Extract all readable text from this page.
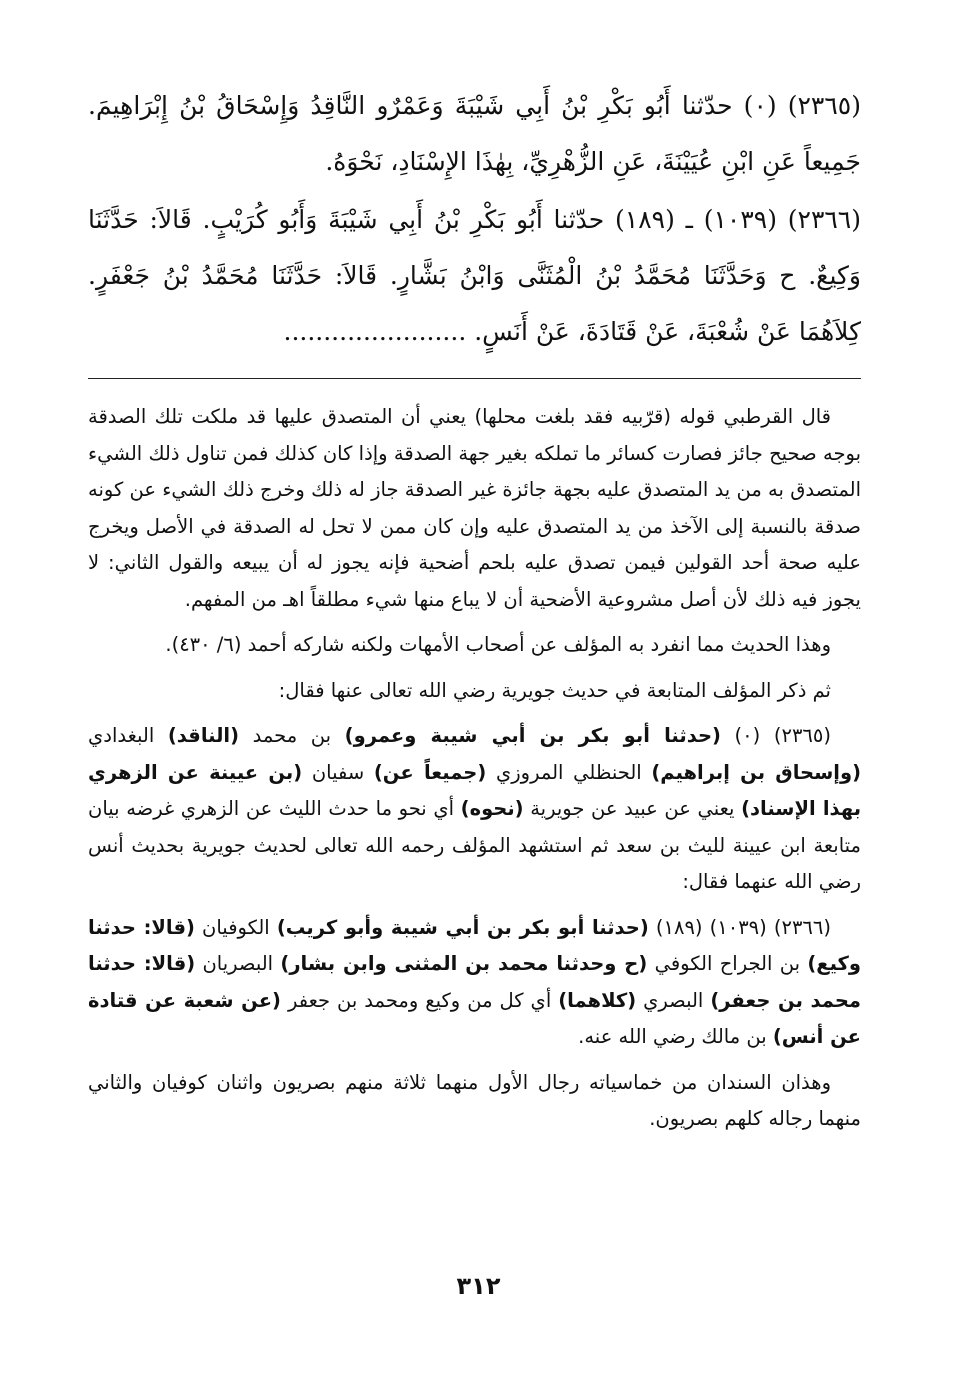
(٢٣٦٥) (٠) حدّثنا أَبُو بَكْرِ بْنُ أَبِي شَيْبَةَ وَعَمْرٌو النَّاقِدُ وَإِسْحَاقُ بْنُ إِبْرَاهِيمَ. جَمِيعاً عَنِ ابْنِ عُيَيْنَةَ، عَنِ الزُّهْرِيِّ، بِهٰذَا الإِسْنَادِ، نَحْوَهُ.

(٢٣٦٦) (١٠٣٩) ـ (١٨٩) حدّثنا أَبُو بَكْرِ بْنُ أَبِي شَيْبَةَ وَأَبُو كُرَيْبٍ. قَالاَ: حَدَّثَنَا وَكِيعٌ. ح وَحَدَّثَنَا مُحَمَّدُ بْنُ الْمُثَنَّى وَابْنُ بَشَّارٍ. قَالاَ: حَدَّثَنَا مُحَمَّدُ بْنُ جَعْفَرٍ. كِلاَهُمَا عَنْ شُعْبَةَ، عَنْ قَتَادَةَ، عَنْ أَنَسٍ. .......................

قال القرطبي قوله (قرّبيه فقد بلغت محلها) يعني أن المتصدق عليها قد ملكت تلك الصدقة بوجه صحيح جائز فصارت كسائر ما تملكه بغير جهة الصدقة وإذا كان كذلك فمن تناول ذلك الشيء المتصدق به من يد المتصدق عليه بجهة جائزة غير الصدقة جاز له ذلك وخرج ذلك الشيء عن كونه صدقة بالنسبة إلى الآخذ من يد المتصدق عليه وإن كان ممن لا تحل له الصدقة في الأصل ويخرج عليه صحة أحد القولين فيمن تصدق عليه بلحم أضحية فإنه يجوز له أن يبيعه والقول الثاني: لا يجوز فيه ذلك لأن أصل مشروعية الأضحية أن لا يباع منها شيء مطلقاً اهـ من المفهم.

وهذا الحديث مما انفرد به المؤلف عن أصحاب الأمهات ولكنه شاركه أحمد (٦/ ٤٣٠).

ثم ذكر المؤلف المتابعة في حديث جويرية رضي الله تعالى عنها فقال:

(٢٣٦٥) (٠) (حدثنا أبو بكر بن أبي شيبة وعمرو) بن محمد (الناقد) البغدادي (وإسحاق بن إبراهيم) الحنظلي المروزي (جميعاً عن) سفيان (بن عيينة عن الزهري بهذا الإسناد) يعني عن عبيد عن جويرية (نحوه) أي نحو ما حدث الليث عن الزهري غرضه بيان متابعة ابن عيينة لليث بن سعد ثم استشهد المؤلف رحمه الله تعالى لحديث جويرية بحديث أنس رضي الله عنهما فقال:

(٢٣٦٦) (١٠٣٩) (١٨٩) (حدثنا أبو بكر بن أبي شيبة وأبو كريب) الكوفيان (قالا: حدثنا وكيع) بن الجراح الكوفي (ح وحدثنا محمد بن المثنى وابن بشار) البصريان (قالا: حدثنا محمد بن جعفر) البصري (كلاهما) أي كل من وكيع ومحمد بن جعفر (عن شعبة عن قتادة عن أنس) بن مالك رضي الله عنه.

وهذان السندان من خماسياته رجال الأول منهما ثلاثة منهم بصريون واثنان كوفيان والثاني منهما رجاله كلهم بصريون.

٣١٢
